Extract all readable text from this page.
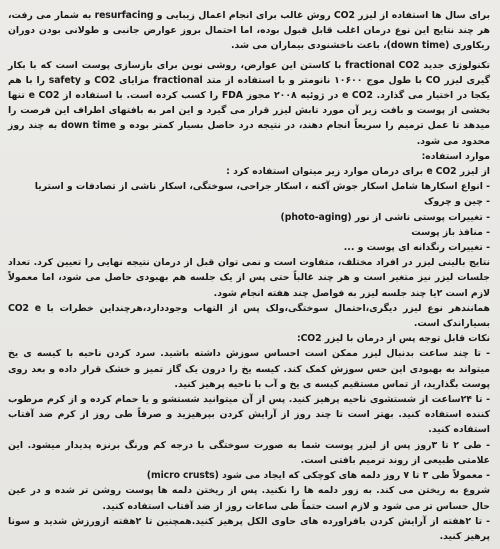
برای سال ها استفاده از لیزر CO2 روش غالب برای انجام اعمال زیبایی و resurfacing به شمار می رفت، هر چند نتایج این نوع درمان اغلب قابل قبول بوده، اما احتمال بروز عوارض جانبی و طولانی بودن دوران ریکاوری (down time)، باعث ناخشنودی بیماران می شد.

تکنولوژی جدید fractional CO2 با کاستن این عوارض، روشی نوین برای بازسازی پوست است که با بکار گیری لیزر CO با طول موج ۱۰۶۰۰ نانومتر و با استفاده از متد fractional مزایای CO2 و safety را با هم یکجا در اختیار می گذارد. e CO2 در ژوئیه ۲۰۰۸ مجوز FDA را کسب کرده است. با استفاده از e CO2 تنها بخشی از پوست و بافت زیر آن مورد تابش لیزر قرار می گیرد و این امر به بافتهای اطراف این فرصت را میدهد تا عمل ترمیم را سریعاً انجام دهند، در نتیجه درد حاصل بسیار کمتر بوده و down time به چند روز محدود می شود.

موارد استفاده:

از لیزر e CO2 برای درمان موارد زیر میتوان استفاده کرد :

- انواع اسکارها شامل اسکار جوش آکنه ، اسکار جراحی، سوختگی، اسکار ناشی از تصادفات و استریا

- چین و چروک

- تغییرات پوستی ناشی از نور (photo-aging)

- منافذ باز پوست

- تغییرات رنگدانه ای پوست و ...

نتایج بالینی لیزر در افراد مختلف، متفاوت است و نمی توان قبل از درمان نتیجه نهایی را تعیین کرد. تعداد جلسات لیزر نیز متغیر است و هر چند غالباً حتی پس از یک جلسه هم بهبودی حاصل می شود، اما معمولاً لازم است ۲یا چند جلسه لیزر به فواصل چند هفته انجام شود.

همانندهر نوع لیزر دیگری،احتمال سوختگی،ولک پس از التهاب وجوددارد،هرچنداین خطرات با CO2 e بسیاراندک است.

نکات قابل توجه پس از درمان با لیزر CO2:

- تا چند ساعت بدنبال لیزر ممکن است احساس سوزش داشته باشید. سرد کردن ناحیه با کیسه ی یخ میتواند به بهبودی این حس سوزش کمک کند. کیسه یخ را درون یک گاز تمیز و خشک قرار داده و بعد روی پوست بگذارید، از تماس مستقیم کیسه ی یخ و آب با ناحیه پرهیز کنید.

- تا ۲۴ساعت از شستشوی ناحیه پرهیز کنید. پس از آن میتوانید شستشو و یا حمام کرده و از کرم مرطوب کننده استفاده کنید. بهتر است تا چند روز از آرایش کردن بپرهیزید و صرفاً طی روز از کرم ضد آفتاب استفاده کنید.

- طی ۲ تا ۳روز پس از لیزر پوست شما به صورت سوختگی با درجه کم ورنگ برنزه پدیدار میشود. این علامتی طبیعی از روند ترمیم بافتی است.

- معمولاً طی ۳ تا ۷ روز دلمه های کوچکی که ایجاد می شود (micro crusts)

شروع به ریختن می کند. به زور دلمه ها را نکنید. پس از ریختن دلمه ها پوست روشن تر شده و در عین حال حساس تر می شود و لازم است حتماً طی ساعات روز از ضد آفتاب استفاده کنید.

- تا ۲هفته از آرایش کردن بافراورده های حاوی الکل پرهیز کنید.همچنین تا ۲هفته ازورزش شدید و سونا پرهیز کنید.
